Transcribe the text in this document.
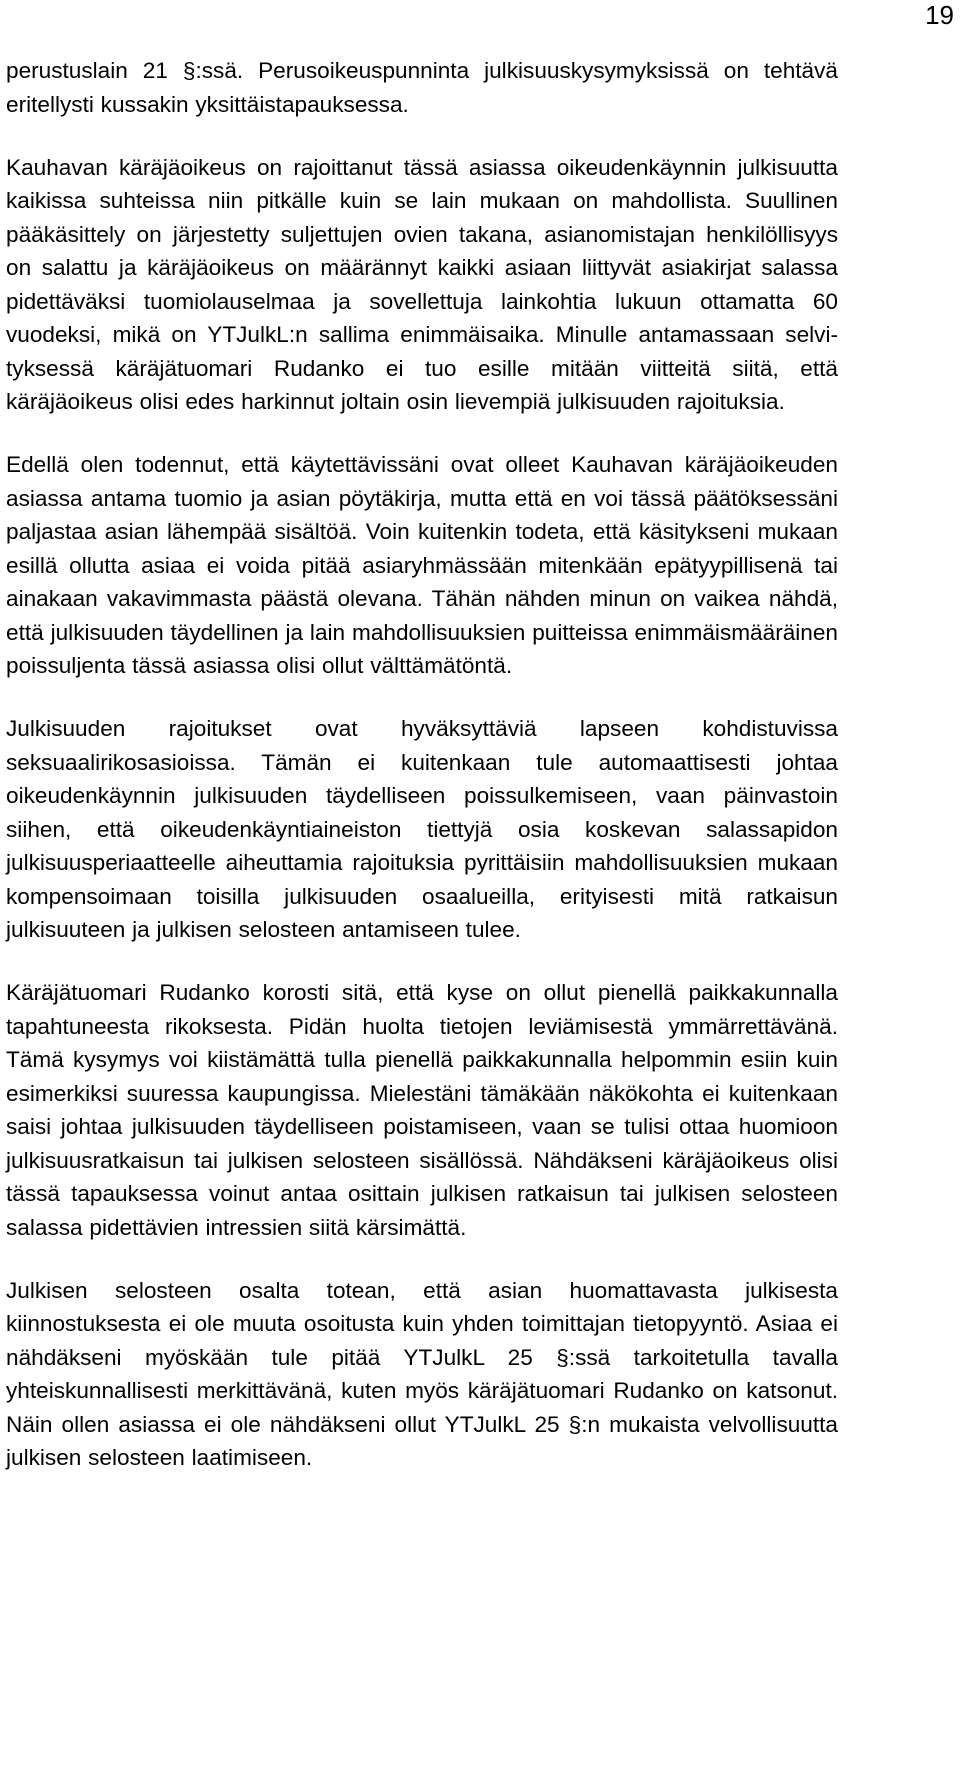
19

perustuslain 21 §:ssä. Perusoikeuspunninta julkisuuskysymyksissä on tehtävä eritellysti kussakin yksittäistapauksessa.

Kauhavan käräjäoikeus on rajoittanut tässä asiassa oikeudenkäynnin julkisuutta kaikissa suhteissa niin pitkälle kuin se lain mukaan on mahdollista. Suullinen pääkäsittely on järjestetty suljettujen ovien takana, asianomistajan henkilöllisyys on salattu ja käräjäoikeus on määrännyt kaikki asiaan liittyvät asiakirjat salassa pidettäväksi tuomiolauselmaa ja sovellettuja lainkohtia lukuun ottamatta 60 vuodeksi, mikä on YTJulkL:n sallima enimmäisaika. Minulle antamassaan selvityksessä käräjätuomari Rudanko ei tuo esille mitään viitteitä siitä, että käräjäoikeus olisi edes harkinnut joltain osin lievempiä julkisuuden rajoituksia.

Edellä olen todennut, että käytettävissäni ovat olleet Kauhavan käräjäoikeuden asiassa antama tuomio ja asian pöytäkirja, mutta että en voi tässä päätöksessäni paljastaa asian lähempää sisältöä. Voin kuitenkin todeta, että käsitykseni mukaan esillä ollutta asiaa ei voida pitää asiaryhmässään mitenkään epätyypillisenä tai ainakaan vakavimmasta päästä olevana. Tähän nähden minun on vaikea nähdä, että julkisuuden täydellinen ja lain mahdollisuuksien puitteissa enimmäismääräinen poissuljenta tässä asiassa olisi ollut välttämätöntä.

Julkisuuden rajoitukset ovat hyväksyttäviä lapseen kohdistuvissa seksuaalirikosasioissa. Tämän ei kuitenkaan tule automaattisesti johtaa oikeudenkäynnin julkisuuden täydelliseen poissulkemiseen, vaan päinvastoin siihen, että oikeudenkäyntiaineiston tiettyjä osia koskevan salassapidon julkisuusperiaatteelle aiheuttamia rajoituksia pyrittäisiin mahdollisuuksien mukaan kompensoimaan toisilla julkisuuden osaalueilla, erityisesti mitä ratkaisun julkisuuteen ja julkisen selosteen antamiseen tulee.

Käräjätuomari Rudanko korosti sitä, että kyse on ollut pienellä paikkakunnalla tapahtuneesta rikoksesta. Pidän huolta tietojen leviämisestä ymmärrettävänä. Tämä kysymys voi kiistämättä tulla pienellä paikkakunnalla helpommin esiin kuin esimerkiksi suuressa kaupungissa. Mielestäni tämäkään näkökohta ei kuitenkaan saisi johtaa julkisuuden täydelliseen poistamiseen, vaan se tulisi ottaa huomioon julkisuusratkaisun tai julkisen selosteen sisällössä. Nähdäkseni käräjäoikeus olisi tässä tapauksessa voinut antaa osittain julkisen ratkaisun tai julkisen selosteen salassa pidettävien intressien siitä kärsimättä.

Julkisen selosteen osalta totean, että asian huomattavasta julkisesta kiinnostuksesta ei ole muuta osoitusta kuin yhden toimittajan tietopyyntö. Asiaa ei nähdäkseni myöskään tule pitää YTJulkL 25 §:ssä tarkoitetulla tavalla yhteiskunnallisesti merkittävänä, kuten myös käräjätuomari Rudanko on katsonut. Näin ollen asiassa ei ole nähdäkseni ollut YTJulkL 25 §:n mukaista velvollisuutta julkisen selosteen laatimiseen.
